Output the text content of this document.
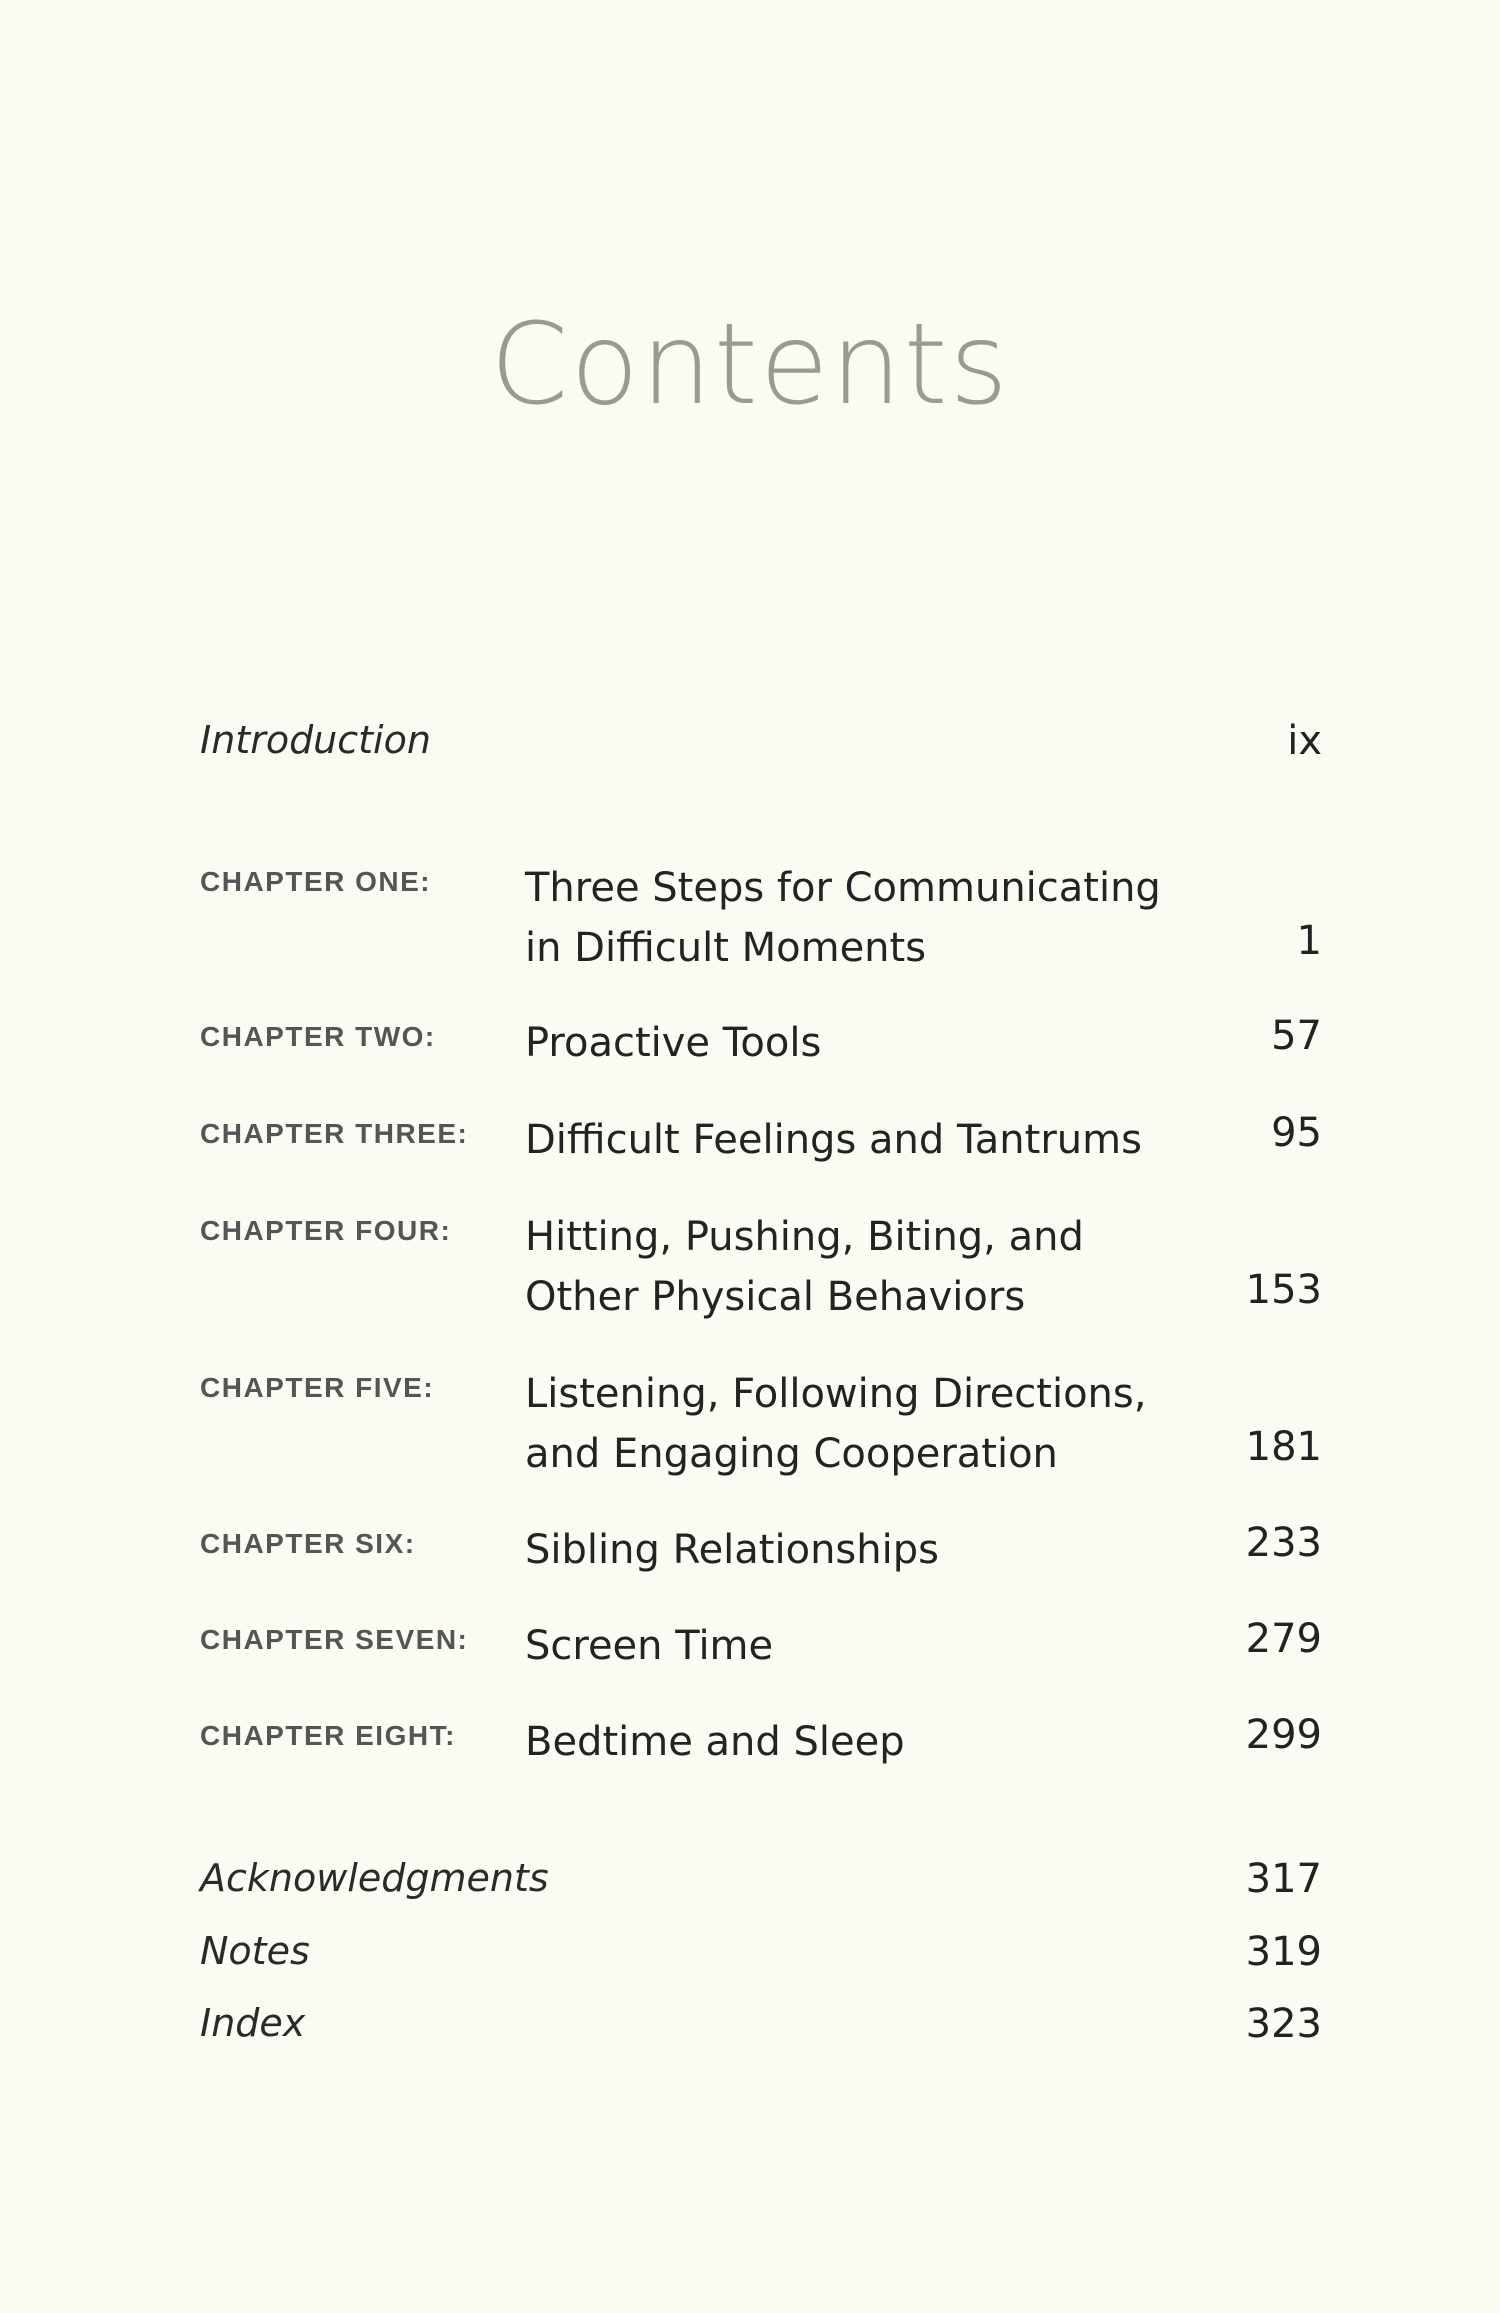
Contents
Introduction	ix
CHAPTER ONE: Three Steps for Communicating
in Difficult Moments	1
CHAPTER TWO: Proactive Tools	57
CHAPTER THREE: Difficult Feelings and Tantrums	95
CHAPTER FOUR: Hitting, Pushing, Biting, and
Other Physical Behaviors	153
CHAPTER FIVE: Listening, Following Directions,
and Engaging Cooperation	181
CHAPTER SIX:	Sibling Relationships	233
CHAPTER SEVEN: Screen Time	279
CHAPTER EIGHT: Bedtime and Sleep	299
Acknowledgments	317
Notes	319
Index	323
